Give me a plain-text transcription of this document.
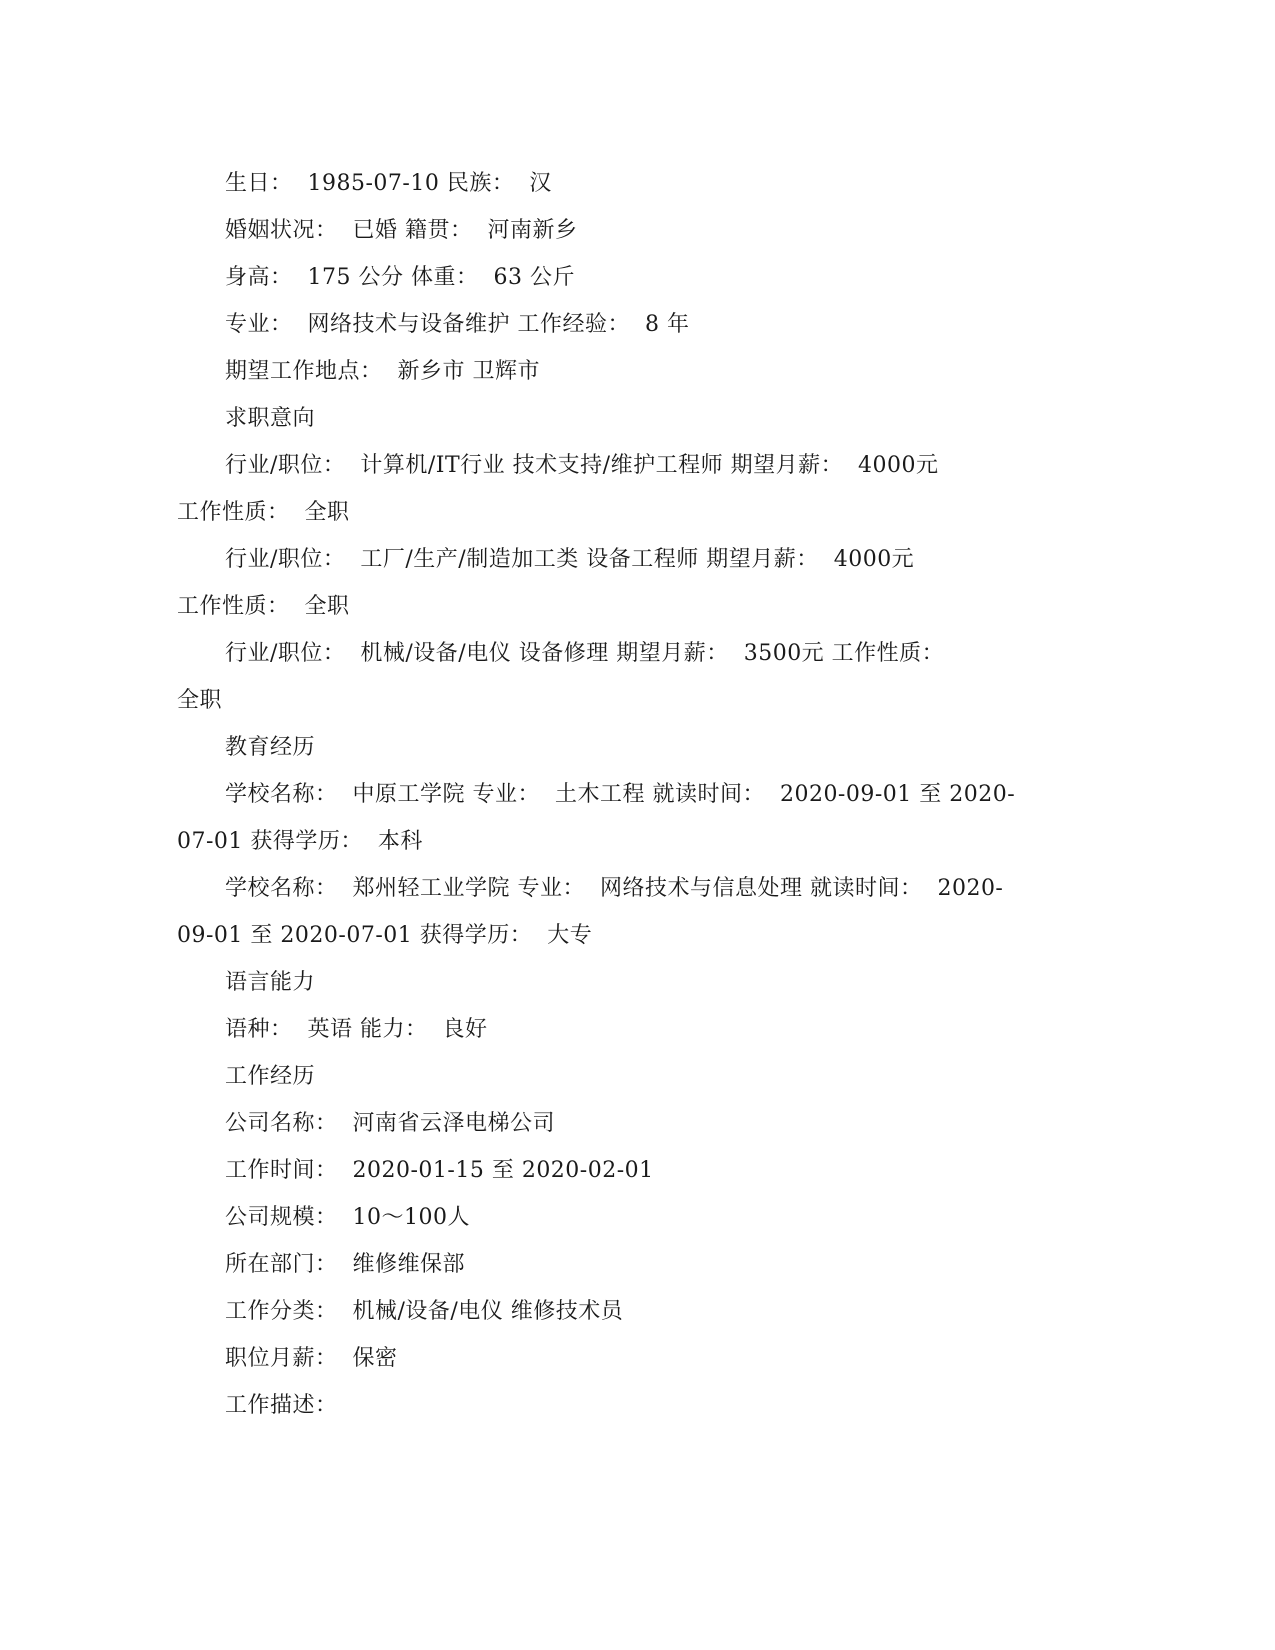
生日：  1985-07-10 民族：  汉
婚姻状况：  已婚 籍贯：  河南新乡
身高：  175 公分 体重：  63 公斤
专业：  网络技术与设备维护 工作经验：  8 年
期望工作地点：  新乡市 卫辉市
求职意向
行业/职位：  计算机/IT行业 技术支持/维护工程师 期望月薪：  4000元
工作性质：  全职
行业/职位：  工厂/生产/制造加工类 设备工程师 期望月薪：  4000元
工作性质：  全职
行业/职位：  机械/设备/电仪 设备修理 期望月薪：  3500元 工作性质：
全职
教育经历
学校名称：  中原工学院 专业：  土木工程 就读时间：  2020-09-01 至 2020-
07-01 获得学历：  本科
学校名称：  郑州轻工业学院 专业：  网络技术与信息处理 就读时间：  2020-
09-01 至 2020-07-01 获得学历：  大专
语言能力
语种：  英语 能力：  良好
工作经历
公司名称：  河南省云泽电梯公司
工作时间：  2020-01-15 至 2020-02-01
公司规模：  10～100人
所在部门：  维修维保部
工作分类：  机械/设备/电仪 维修技术员
职位月薪：  保密
工作描述：
